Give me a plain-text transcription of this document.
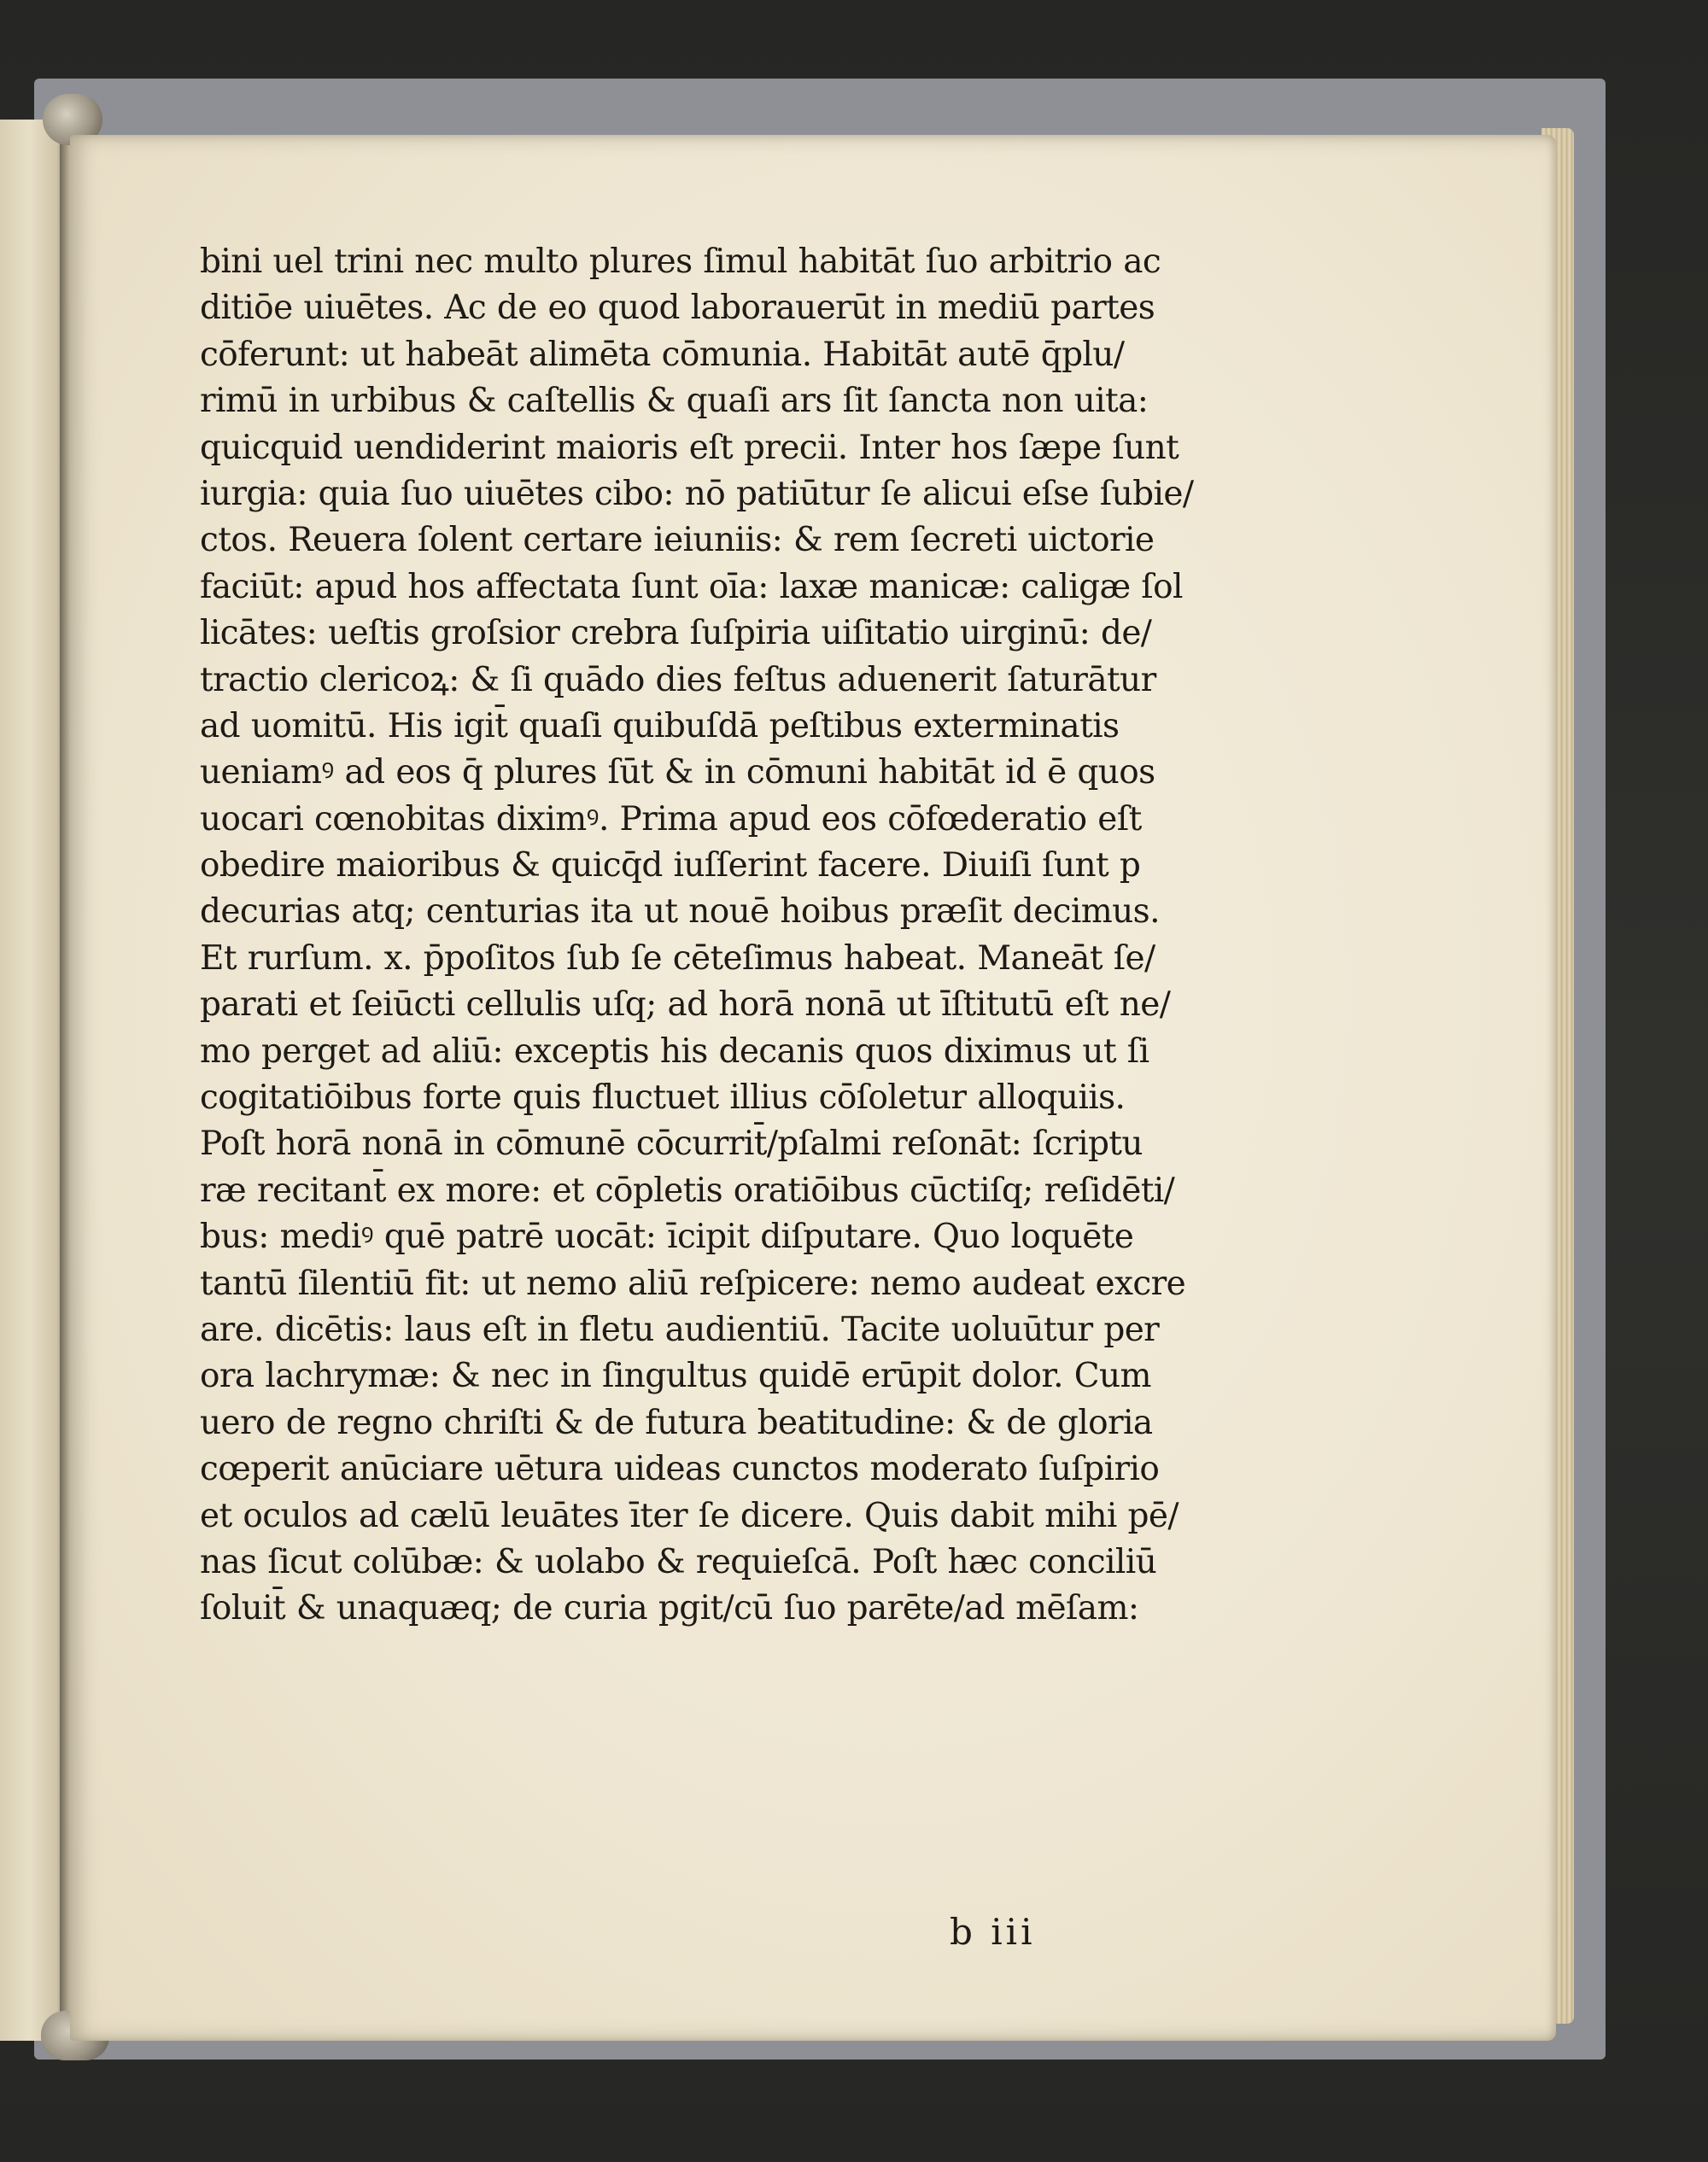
bini uel trini nec multo plures ſimul habitāt ſuo arbitrio ac
ditiōe uiuētes. Ac de eo quod laborauerūt in mediū partes
cōferunt: ut habeāt alimēta cōmunia. Habitāt autē q̄plu/
rimū in urbibus & caſtellis & quaſi ars ſit ſancta non uita:
quicquid uendiderint maioris eſt precii. Inter hos ſæpe ſunt
iurgia: quia ſuo uiuētes cibo: nō patiūtur ſe alicui eſse ſubie/
ctos. Reuera ſolent certare ieiuniis: & rem ſecreti uictorie
faciūt: apud hos affectata ſunt oīa: laxæ manicæ: caligæ ſol
licātes: ueſtis groſsior crebra ſuſpiria uiſitatio uirginū: de/
tractio clericoꝝ: & ſi quādo dies feſtus aduenerit ſaturātur
ad uomitū. His igit̄ quaſi quibuſdā peſtibus exterminatis
ueniamꝰ ad eos q̄ plures ſūt & in cōmuni habitāt id ē quos
uocari cœnobitas diximꝰ. Prima apud eos cōfœderatio eſt
obedire maioribus & quicq̄d iuſſerint facere. Diuiſi ſunt p
decurias atq; centurias ita ut nouē hoibus præſit decimus.
Et rurſum. x. p̄poſitos ſub ſe cēteſimus habeat. Maneāt ſe/
parati et ſeiūcti cellulis uſq; ad horā nonā ut īſtitutū eſt ne/
mo perget ad aliū: exceptis his decanis quos diximus ut ſi
cogitatiōibus forte quis fluctuet illius cōſoletur alloquiis.
Poſt horā nonā in cōmunē cōcurrit̄/pſalmi reſonāt: ſcriptu
ræ recitant̄ ex more: et cōpletis oratiōibus cūctiſq; reſidēti/
bus: mediꝰ quē patrē uocāt: īcipit diſputare. Quo loquēte
tantū ſilentiū fit: ut nemo aliū reſpicere: nemo audeat excre
are. dicētis: laus eſt in fletu audientiū. Tacite uoluūtur per
ora lachrymæ: & nec in ſingultus quidē erūpit dolor. Cum
uero de regno chriſti & de futura beatitudine: & de gloria
cœperit anūciare uētura uideas cunctos moderato ſuſpirio
et oculos ad cælū leuātes īter ſe dicere. Quis dabit mihi pē/
nas ſicut colūbæ: & uolabo & requieſcā. Poſt hæc conciliū
ſoluit̄ & unaquæq; de curia pgit/cū ſuo parēte/ad mēſam:
b iii
